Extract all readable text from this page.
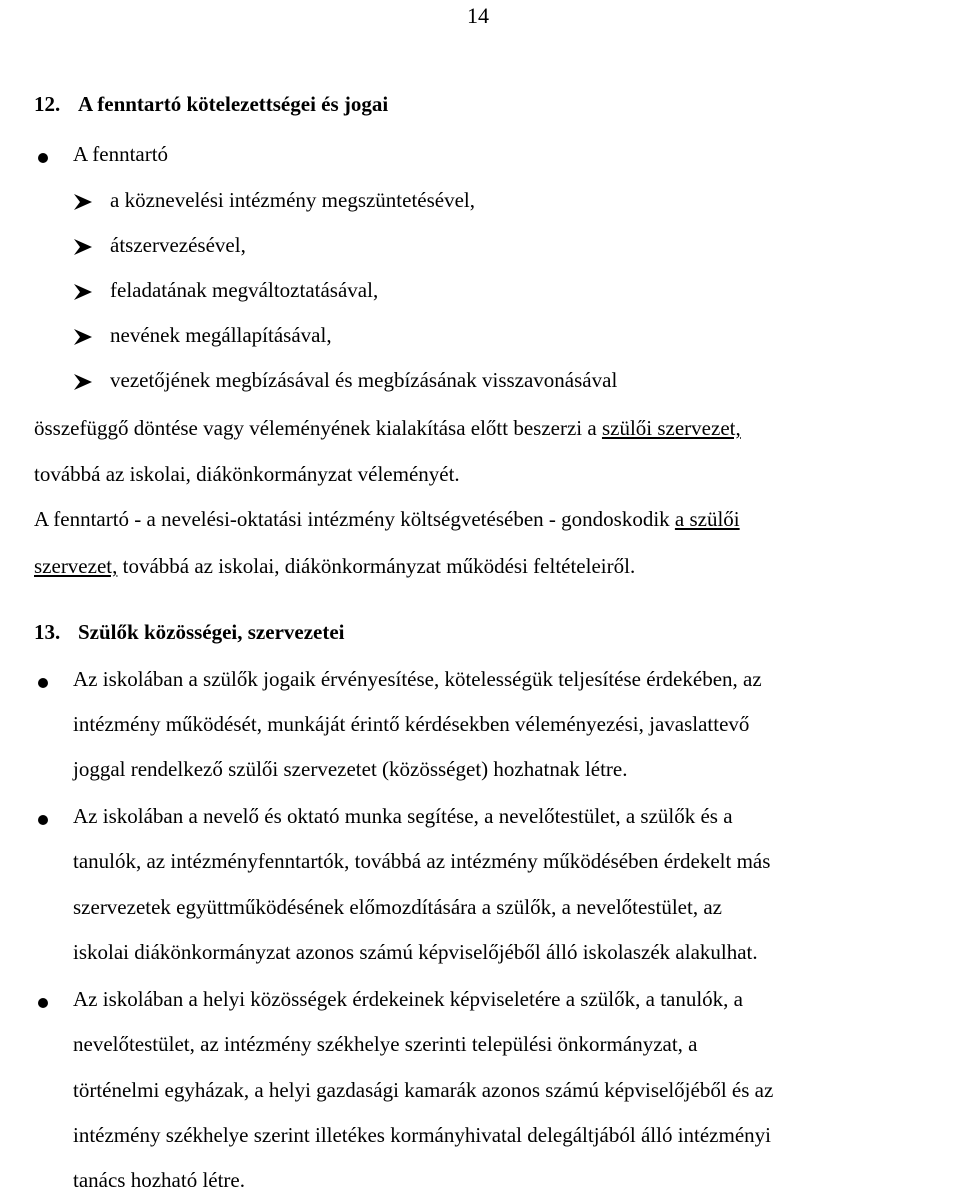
14
12. A fenntartó kötelezettségei és jogai
A fenntartó
a köznevelési intézmény megszüntetésével,
átszervezésével,
feladatának megváltoztatásával,
nevének megállapításával,
vezetőjének megbízásával és megbízásának visszavonásával
összefüggő döntése vagy véleményének kialakítása előtt beszerzi a szülői szervezet,
továbbá az iskolai, diákönkormányzat véleményét.
A fenntartó - a nevelési-oktatási intézmény költségvetésében - gondoskodik a szülői
szervezet, továbbá az iskolai, diákönkormányzat működési feltételeiről.
13. Szülők közösségei, szervezetei
Az iskolában a szülők jogaik érvényesítése, kötelességük teljesítése érdekében, az
intézmény működését, munkáját érintő kérdésekben véleményezési, javaslattevő
joggal rendelkező szülői szervezetet (közösséget) hozhatnak létre.
Az iskolában a nevelő és oktató munka segítése, a nevelőtestület, a szülők és a
tanulók, az intézményfenntartók, továbbá az intézmény működésében érdekelt más
szervezetek együttműködésének előmozdítására a szülők, a nevelőtestület, az
iskolai diákönkormányzat azonos számú képviselőjéből álló iskolaszék alakulhat.
Az iskolában a helyi közösségek érdekeinek képviseletére a szülők, a tanulók, a
nevelőtestület, az intézmény székhelye szerinti települési önkormányzat, a
történelmi egyházak, a helyi gazdasági kamarák azonos számú képviselőjéből és az
intézmény székhelye szerint illetékes kormányhivatal delegáltjából álló intézményi
tanács hozható létre.
